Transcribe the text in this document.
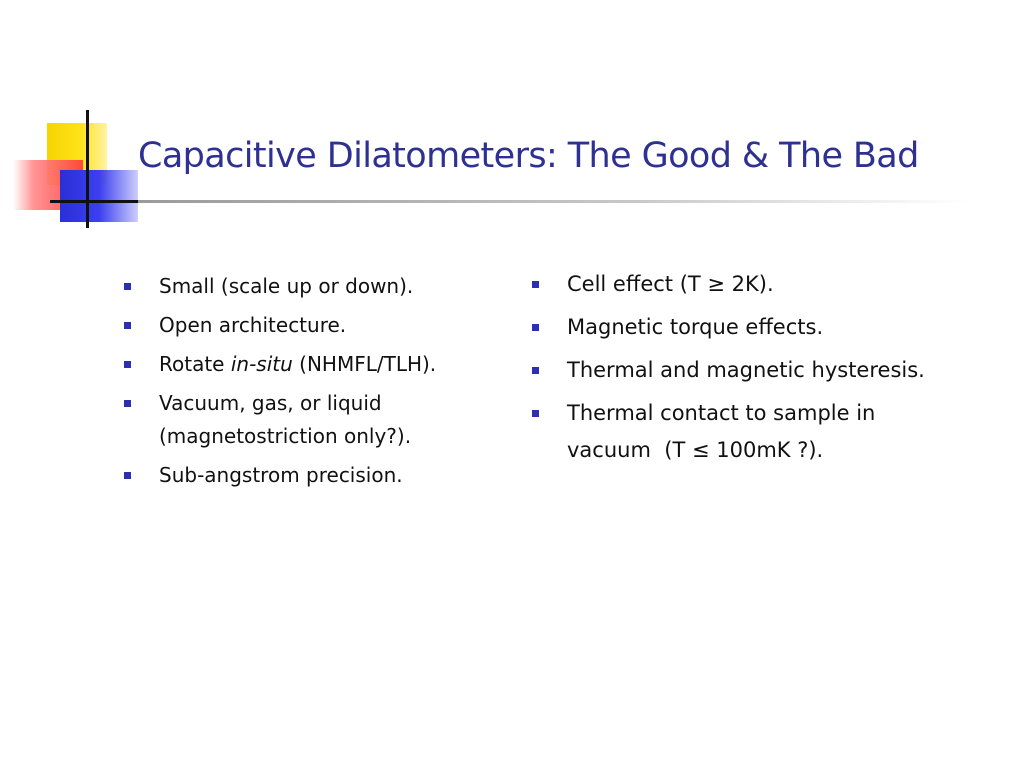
Capacitive Dilatometers: The Good & The Bad
Small (scale up or down).
Open architecture.
Rotate in-situ (NHMFL/TLH).
Vacuum, gas, or liquid
(magnetostriction only?).
Sub-angstrom precision.
Cell effect (T ≥ 2K).
Magnetic torque effects.
Thermal and magnetic hysteresis.
Thermal contact to sample in
vacuum  (T ≤ 100mK ?).
